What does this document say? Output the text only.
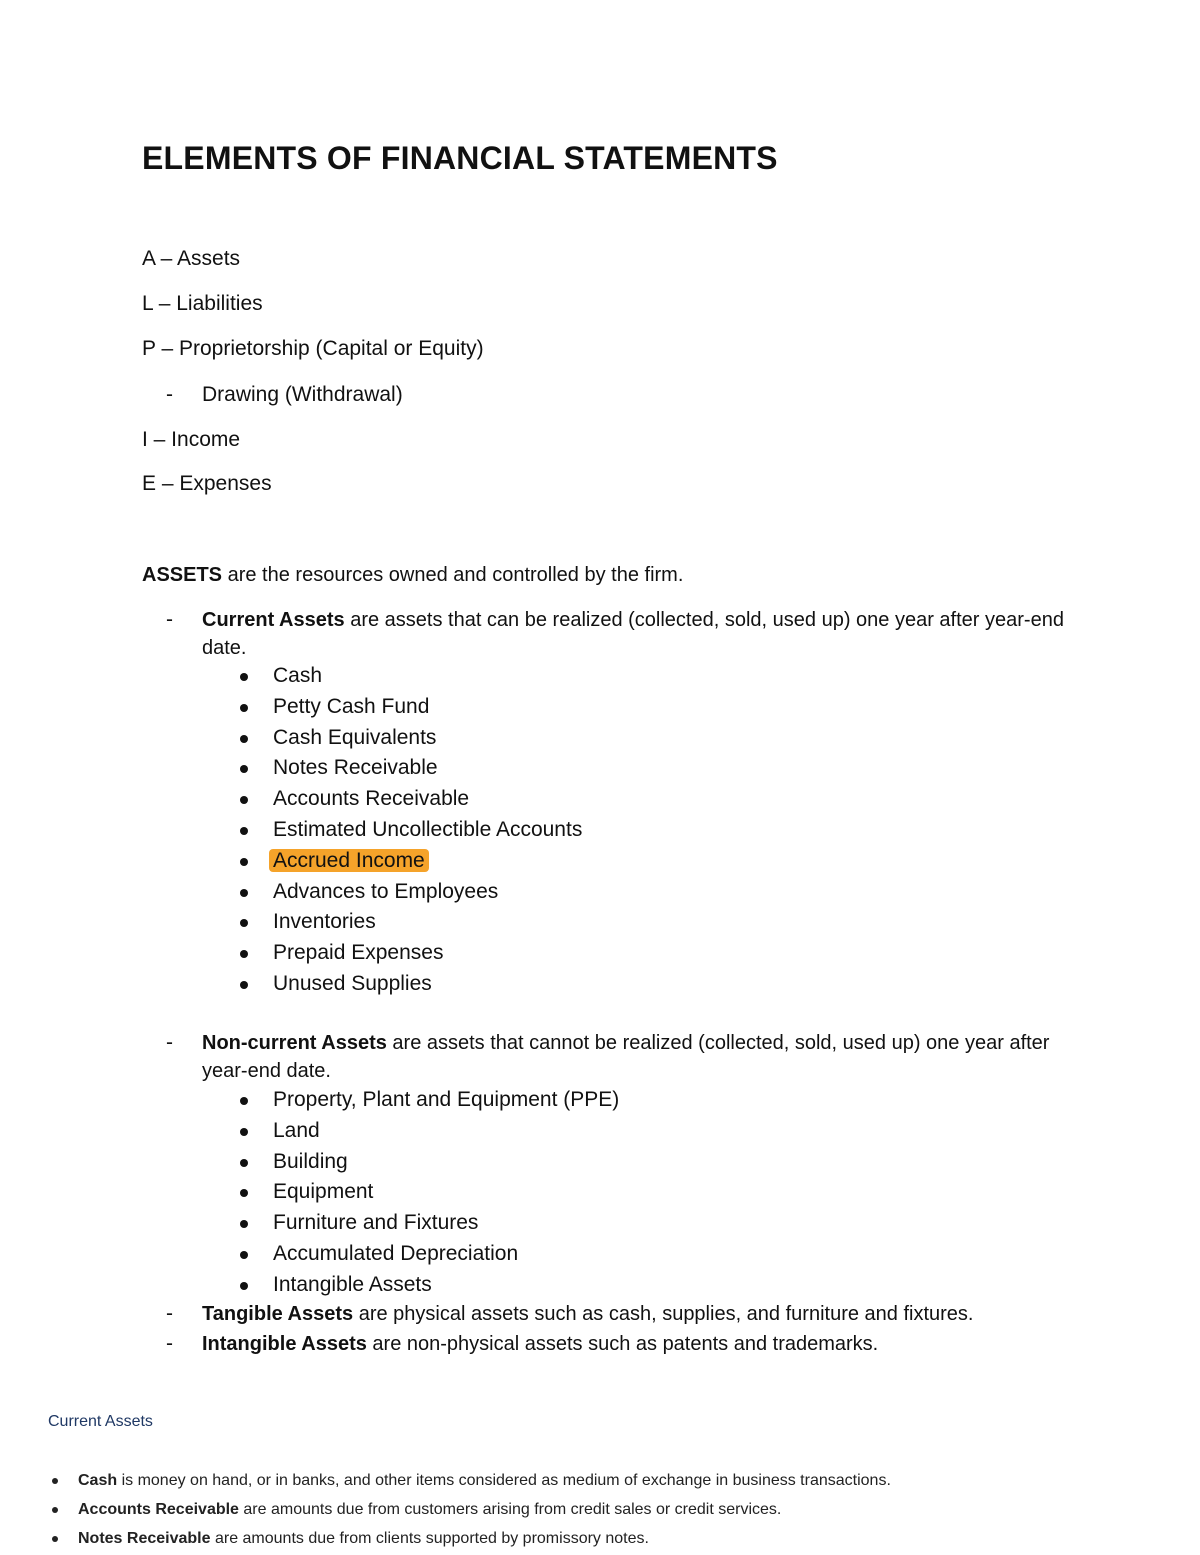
ELEMENTS OF FINANCIAL STATEMENTS
A – Assets
L – Liabilities
P – Proprietorship (Capital or Equity)
- Drawing (Withdrawal)
I – Income
E – Expenses
ASSETS are the resources owned and controlled by the firm.
- Current Assets are assets that can be realized (collected, sold, used up) one year after year-end date.
Cash
Petty Cash Fund
Cash Equivalents
Notes Receivable
Accounts Receivable
Estimated Uncollectible Accounts
Accrued Income
Advances to Employees
Inventories
Prepaid Expenses
Unused Supplies
- Non-current Assets are assets that cannot be realized (collected, sold, used up) one year after year-end date.
Property, Plant and Equipment (PPE)
Land
Building
Equipment
Furniture and Fixtures
Accumulated Depreciation
Intangible Assets
- Tangible Assets are physical assets such as cash, supplies, and furniture and fixtures.
- Intangible Assets are non-physical assets such as patents and trademarks.
Current Assets
Cash is money on hand, or in banks, and other items considered as medium of exchange in business transactions.
Accounts Receivable are amounts due from customers arising from credit sales or credit services.
Notes Receivable are amounts due from clients supported by promissory notes.
